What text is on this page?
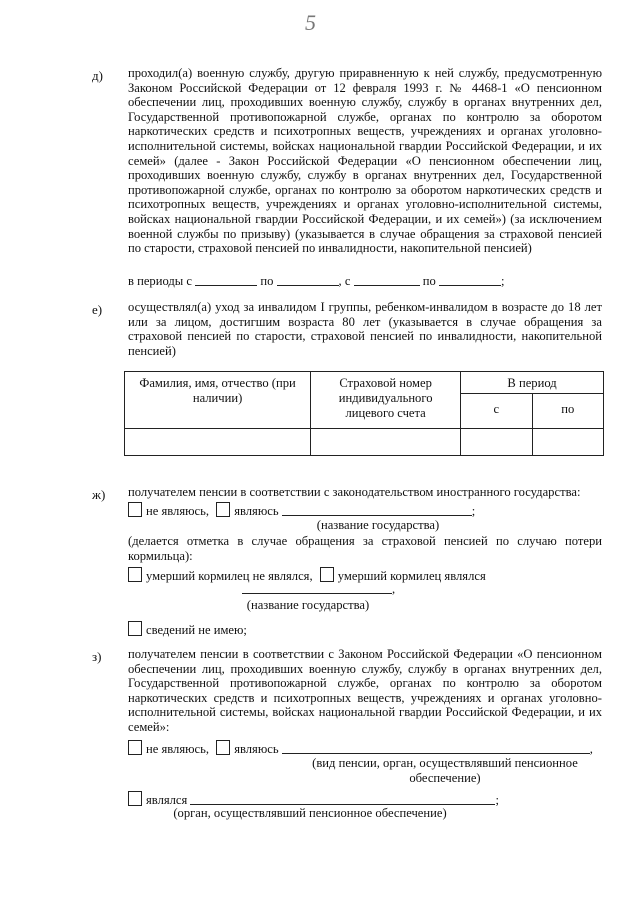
5
д) проходил(а) военную службу, другую приравненную к ней службу, предусмотренную Законом Российской Федерации от 12 февраля 1993 г. № 4468-1 «О пенсионном обеспечении лиц, проходивших военную службу, службу в органах внутренних дел, Государственной противопожарной службе, органах по контролю за оборотом наркотических средств и психотропных веществ, учреждениях и органах уголовно-исполнительной системы, войсках национальной гвардии Российской Федерации, и их семей» (далее - Закон Российской Федерации «О пенсионном обеспечении лиц, проходивших военную службу, службу в органах внутренних дел, Государственной противопожарной службе, органах по контролю за оборотом наркотических средств и психотропных веществ, учреждениях и органах уголовно-исполнительной системы, войсках национальной гвардии Российской Федерации, и их семей») (за исключением военной службы по призыву) (указывается в случае обращения за страховой пенсией по старости, страховой пенсией по инвалидности, накопительной пенсией)
в периоды с	по	, с	по	;
е) осуществлял(а) уход за инвалидом I группы, ребенком-инвалидом в возрасте до 18 лет или за лицом, достигшим возраста 80 лет (указывается в случае обращения за страховой пенсией по старости, страховой пенсией по инвалидности, накопительной пенсией)
Фамилия, имя, отчество (при наличии)	Страховой номер индивидуального лицевого счета	В период	
		с	по

ж) получателем пенсии в соответствии с законодательством иностранного государства:
не являюсь, являюсь	;
(название государства)
(делается отметка в случае обращения за страховой пенсией по случаю потери кормильца):
умерший кормилец не являлся, умерший кормилец являлся
,
(название государства)
сведений не имею;
з) получателем пенсии в соответствии с Законом Российской Федерации «О пенсионном обеспечении лиц, проходивших военную службу, службу в органах внутренних дел, Государственной противопожарной службе, органах по контролю за оборотом наркотических средств и психотропных веществ, учреждениях и органах уголовно-исполнительной системы, войсках национальной гвардии Российской Федерации, и их семей»:
не являюсь, являюсь	,
(вид пенсии, орган, осуществлявший пенсионное обеспечение)
являлся	;
(орган, осуществлявший пенсионное обеспечение)
